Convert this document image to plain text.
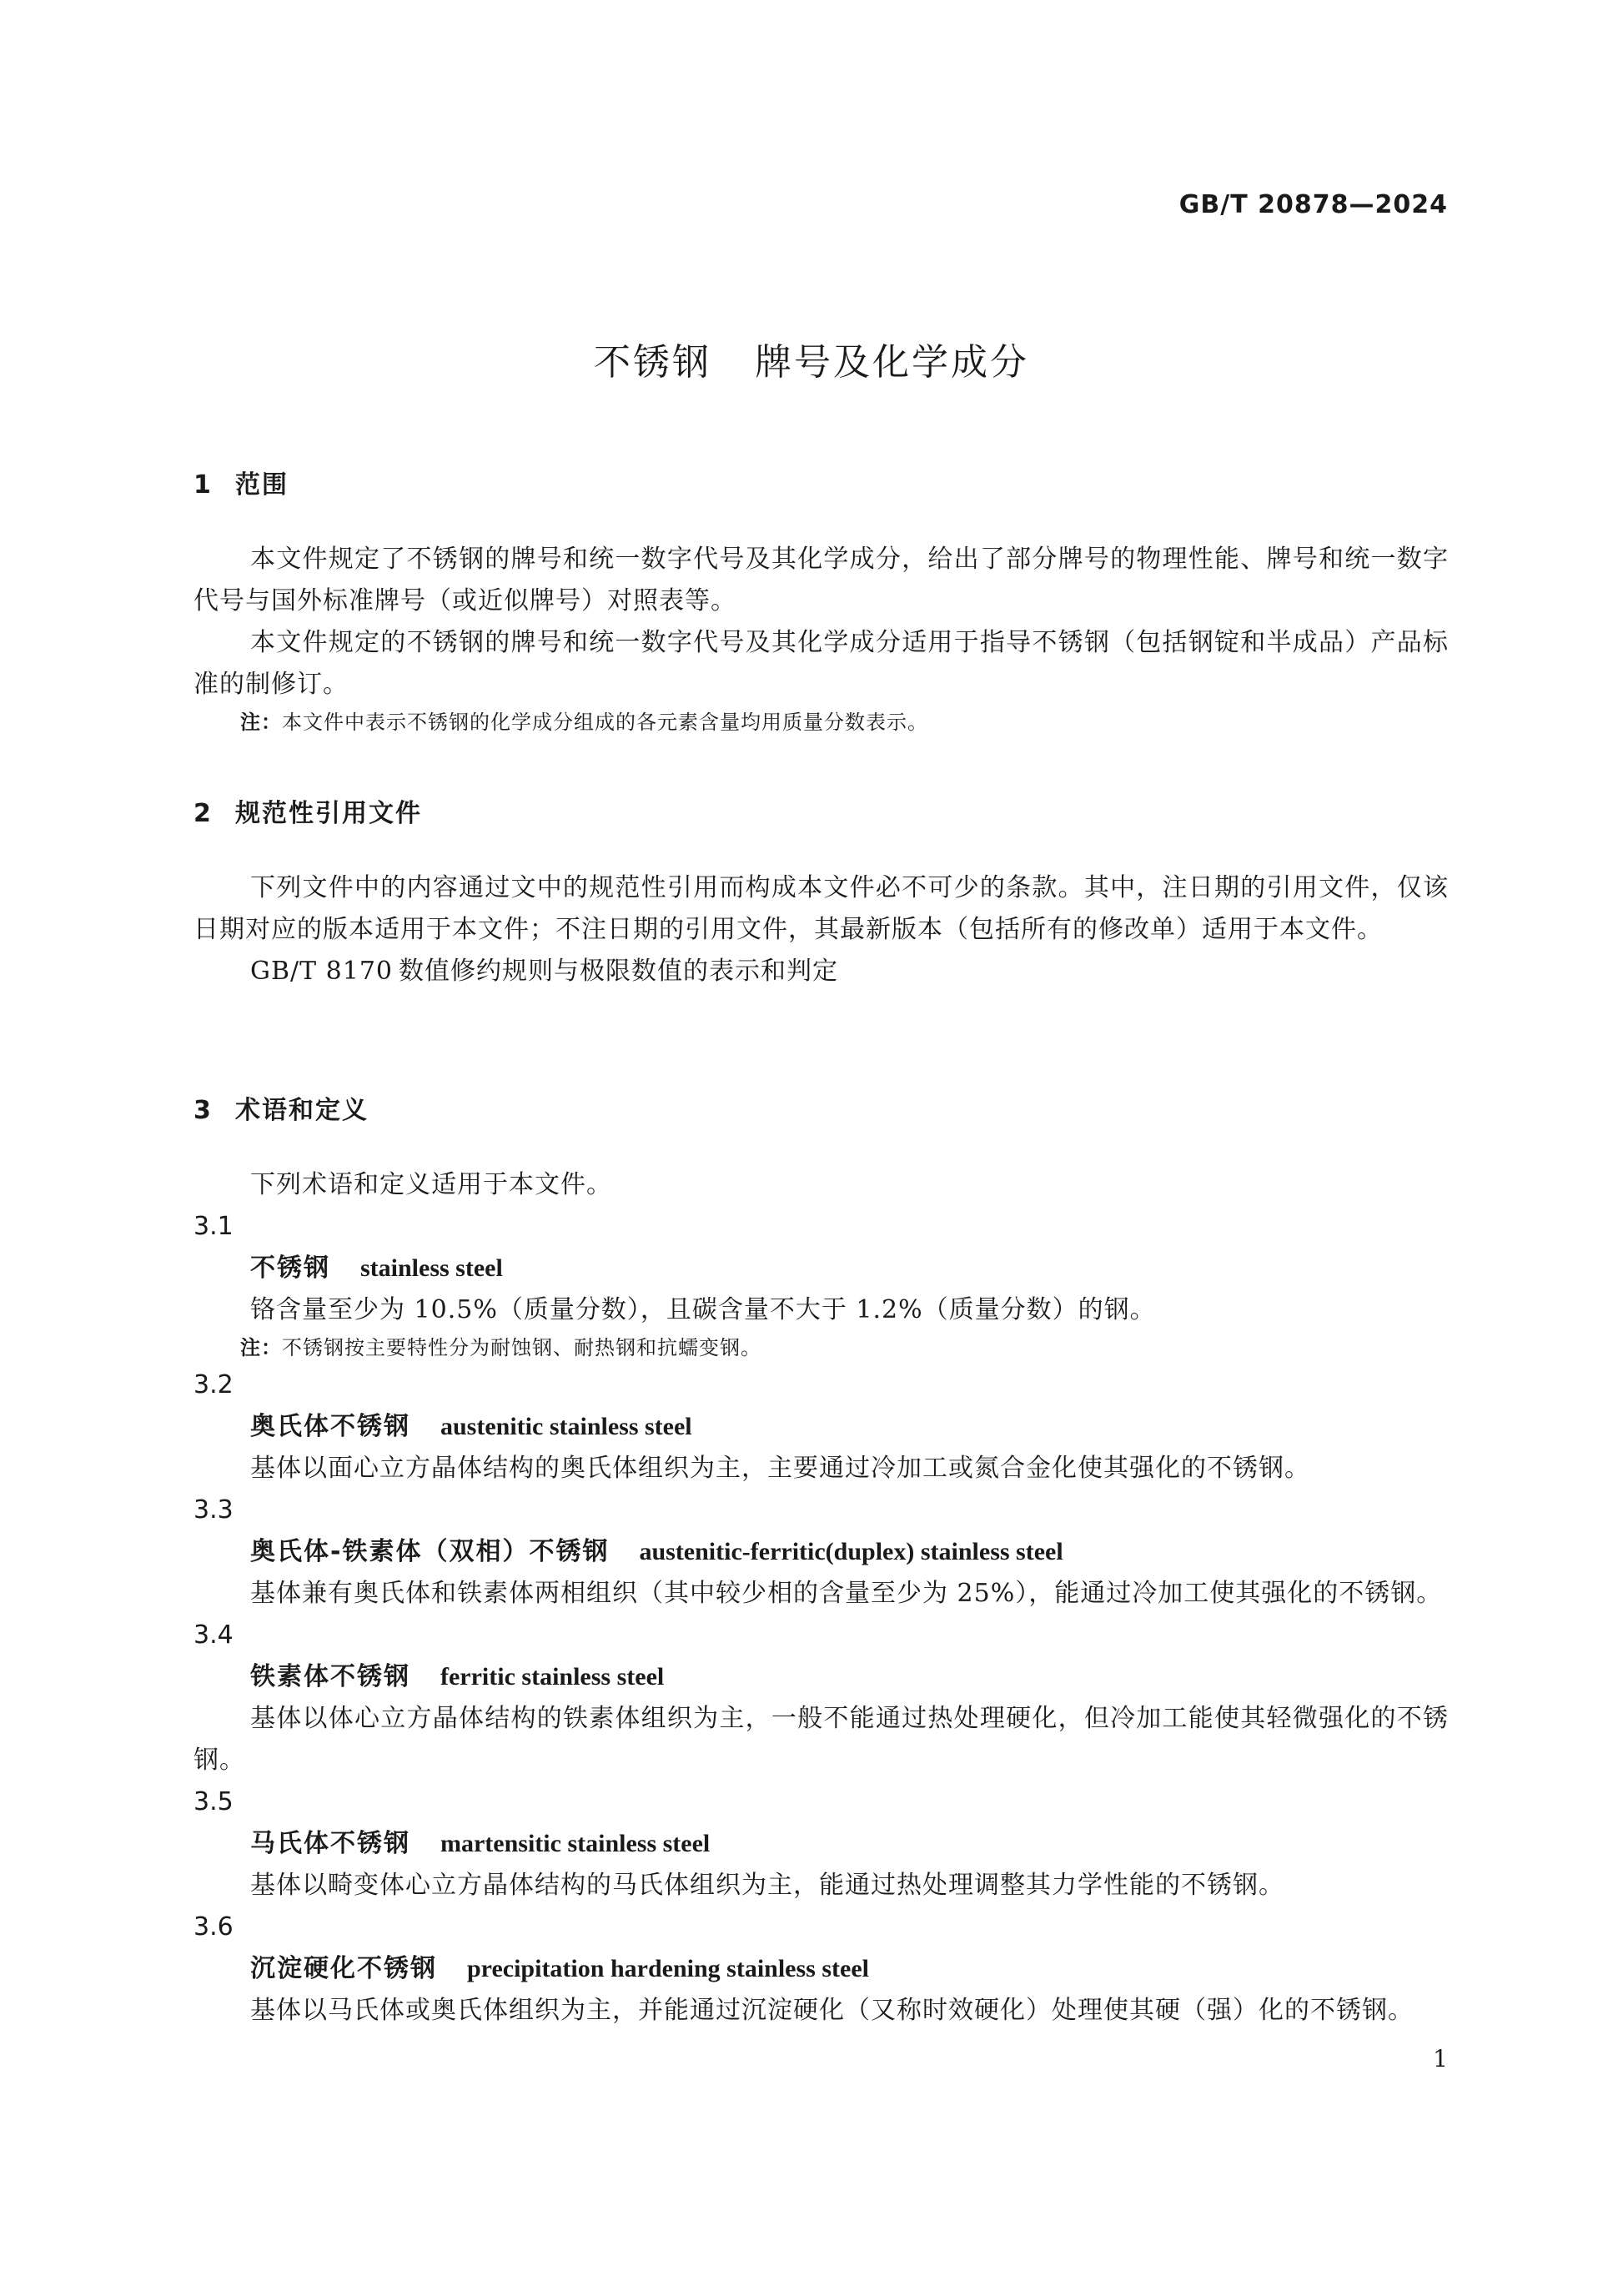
GB/T 20878—2024
不锈钢 牌号及化学成分
1 范围
本文件规定了不锈钢的牌号和统一数字代号及其化学成分，给出了部分牌号的物理性能、牌号和统一数字代号与国外标准牌号（或近似牌号）对照表等。
本文件规定的不锈钢的牌号和统一数字代号及其化学成分适用于指导不锈钢（包括钢锭和半成品）产品标准的制修订。
注：本文件中表示不锈钢的化学成分组成的各元素含量均用质量分数表示。
2 规范性引用文件
下列文件中的内容通过文中的规范性引用而构成本文件必不可少的条款。其中，注日期的引用文件，仅该日期对应的版本适用于本文件；不注日期的引用文件，其最新版本（包括所有的修改单）适用于本文件。
GB/T 8170 数值修约规则与极限数值的表示和判定
3 术语和定义
下列术语和定义适用于本文件。
3.1
不锈钢 stainless steel
铬含量至少为 10.5%（质量分数），且碳含量不大于 1.2%（质量分数）的钢。
注：不锈钢按主要特性分为耐蚀钢、耐热钢和抗蠕变钢。
3.2
奥氏体不锈钢 austenitic stainless steel
基体以面心立方晶体结构的奥氏体组织为主，主要通过冷加工或氮合金化使其强化的不锈钢。
3.3
奥氏体-铁素体（双相）不锈钢 austenitic-ferritic(duplex) stainless steel
基体兼有奥氏体和铁素体两相组织（其中较少相的含量至少为 25%），能通过冷加工使其强化的不锈钢。
3.4
铁素体不锈钢 ferritic stainless steel
基体以体心立方晶体结构的铁素体组织为主，一般不能通过热处理硬化，但冷加工能使其轻微强化的不锈钢。
3.5
马氏体不锈钢 martensitic stainless steel
基体以畸变体心立方晶体结构的马氏体组织为主，能通过热处理调整其力学性能的不锈钢。
3.6
沉淀硬化不锈钢 precipitation hardening stainless steel
基体以马氏体或奥氏体组织为主，并能通过沉淀硬化（又称时效硬化）处理使其硬（强）化的不锈钢。
1
